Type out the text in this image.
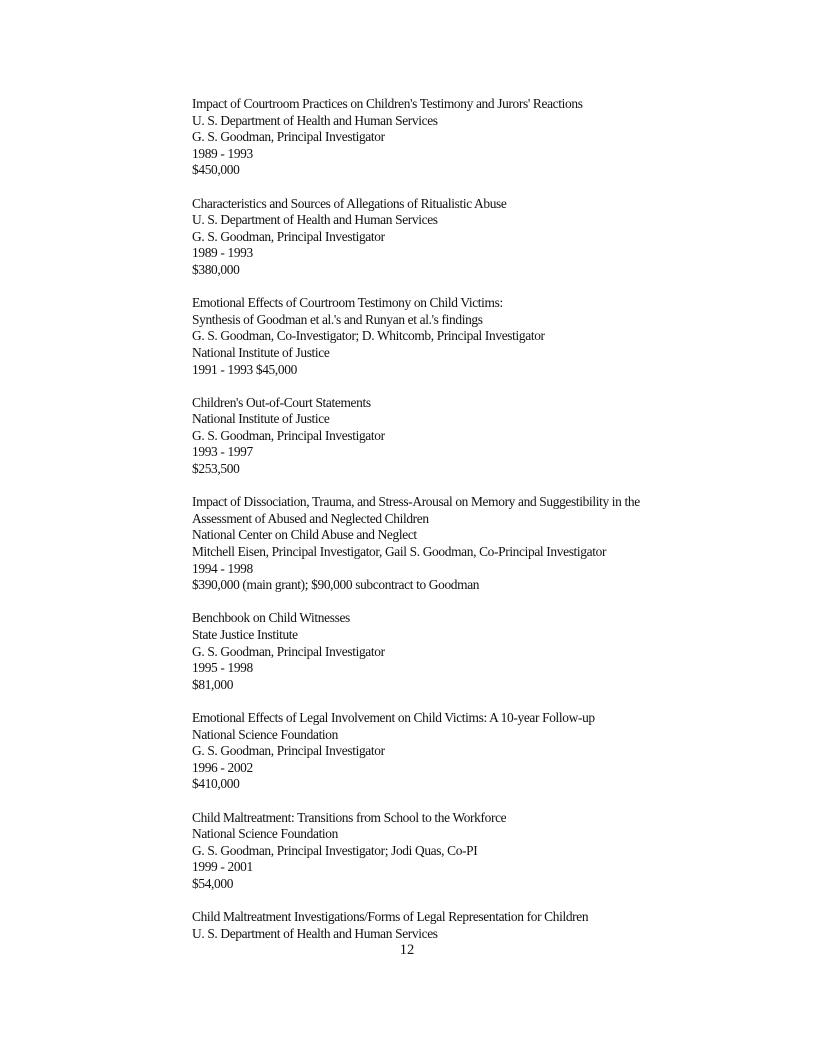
Impact of Courtroom Practices on Children's Testimony and Jurors' Reactions
U. S. Department of Health and Human Services
G. S. Goodman, Principal Investigator
1989 - 1993
$450,000
Characteristics and Sources of Allegations of Ritualistic Abuse
U. S. Department of Health and Human Services
G. S. Goodman, Principal Investigator
1989 - 1993
$380,000
Emotional Effects of Courtroom Testimony on Child Victims:
Synthesis of Goodman et al.'s and Runyan et al.'s findings
G. S. Goodman, Co-Investigator; D. Whitcomb, Principal Investigator
National Institute of Justice
1991 - 1993 $45,000
Children's Out-of-Court Statements
National Institute of Justice
G. S. Goodman, Principal Investigator
1993 - 1997
$253,500
Impact of Dissociation, Trauma, and Stress-Arousal on Memory and Suggestibility in the
Assessment of Abused and Neglected Children
National Center on Child Abuse and Neglect
Mitchell Eisen, Principal Investigator, Gail S. Goodman, Co-Principal Investigator
1994 - 1998
$390,000 (main grant); $90,000 subcontract to Goodman
Benchbook on Child Witnesses
State Justice Institute
G. S. Goodman, Principal Investigator
1995 - 1998
$81,000
Emotional Effects of Legal Involvement on Child Victims: A 10-year Follow-up
National Science Foundation
G. S. Goodman, Principal Investigator
1996 - 2002
$410,000
Child Maltreatment: Transitions from School to the Workforce
National Science Foundation
G. S. Goodman, Principal Investigator; Jodi Quas, Co-PI
1999 - 2001
$54,000
Child Maltreatment Investigations/Forms of Legal Representation for Children
U. S. Department of Health and Human Services
12
